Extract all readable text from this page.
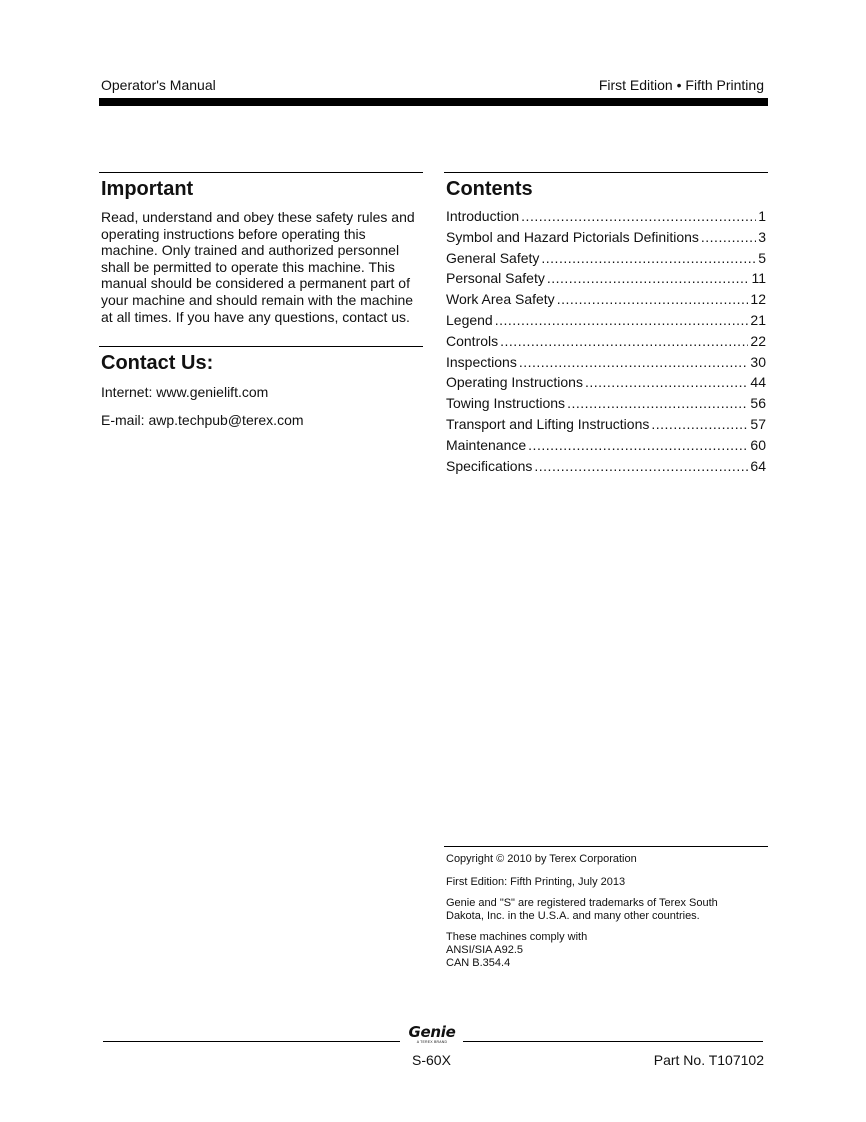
Operator's Manual	First Edition • Fifth Printing
Important
Read, understand and obey these safety rules and operating instructions before operating this machine. Only trained and authorized personnel shall be permitted to operate this machine. This manual should be considered a permanent part of your machine and should remain with the machine at all times. If you have any questions, contact us.
Contact Us:
Internet: www.genielift.com
E-mail: awp.techpub@terex.com
Contents
Introduction .....	1
Symbol and Hazard Pictorials Definitions .....	3
General Safety .....	5
Personal Safety .....	11
Work Area Safety .....	12
Legend .....	21
Controls .....	22
Inspections .....	30
Operating Instructions .....	44
Towing Instructions .....	56
Transport and Lifting Instructions .....	57
Maintenance .....	60
Specifications .....	64

Copyright © 2010 by Terex Corporation

First Edition: Fifth Printing, July 2013

Genie and "S" are registered trademarks of Terex South Dakota, Inc. in the U.S.A. and many other countries.

These machines comply with

ANSI/SIA A92.5

CAN B.354.4

Genie
A TEREX BRAND
S-60X	Part No. T107102
